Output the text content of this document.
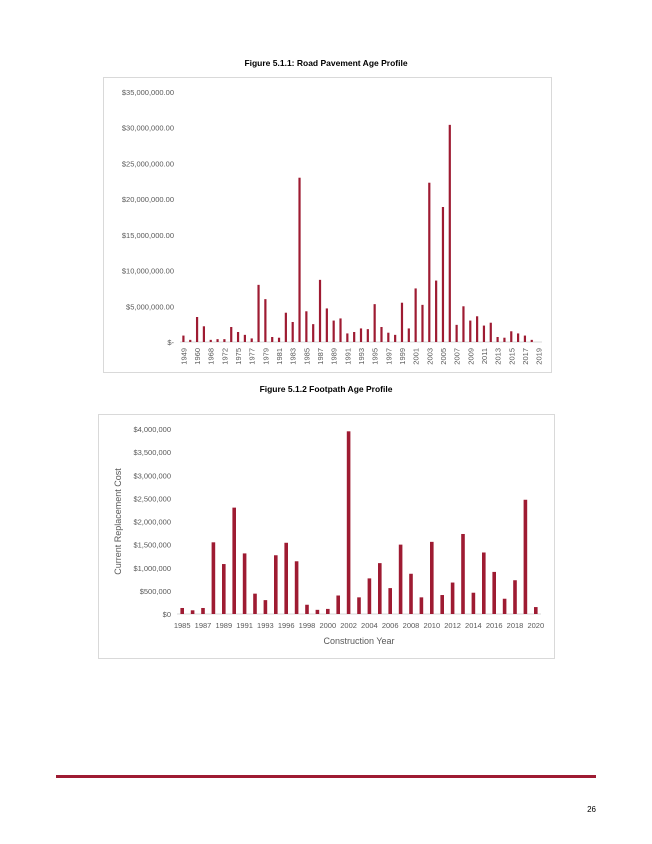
Figure 5.1.1: Road Pavement Age Profile
$-
$5,000,000.00
$10,000,000.00
$15,000,000.00
$20,000,000.00
$25,000,000.00
$30,000,000.00
$35,000,000.00
1949 1960 1968 1972 1975 1977 1979 1981 1983 1985 1987 1989 1991 1993 1995 1997 1999 2001 2003 2005 2007 2009 2011 2013 2015 2017 2019
Figure 5.1.2 Footpath Age Profile
$0
$500,000
$1,000,000
$1,500,000
$2,000,000
$2,500,000
$3,000,000
$3,500,000
$4,000,000
1985 1987 1989 1991 1993 1996 1998 2000 2002 2004 2006 2008 2010 2012 2014 2016 2018 2020
Current Replacement Cost
Construction Year
26
